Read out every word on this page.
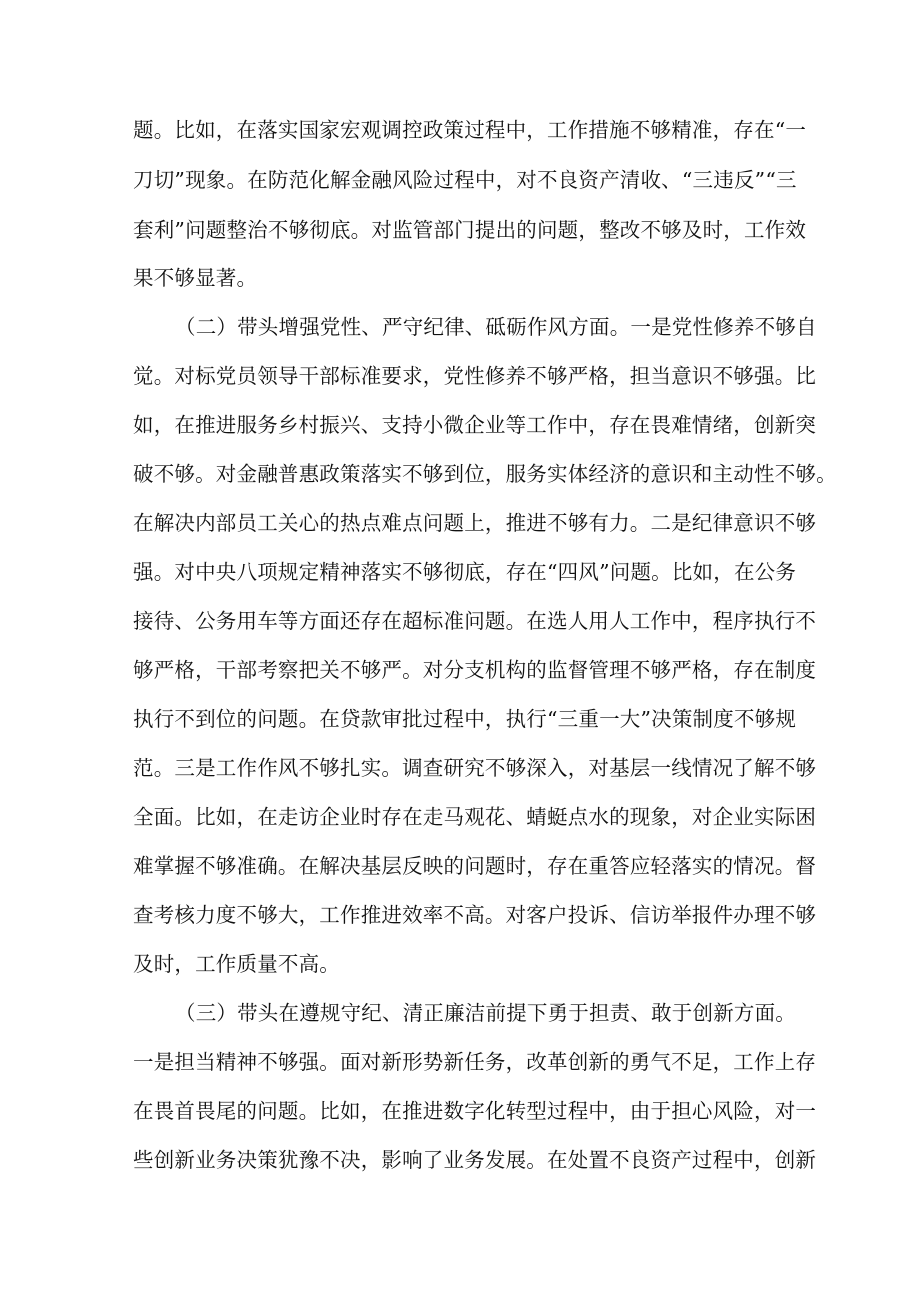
题。比如，在落实国家宏观调控政策过程中，工作措施不够精准，存在“一
刀切”现象。在防范化解金融风险过程中，对不良资产清收、“三违反”“三
套利”问题整治不够彻底。对监管部门提出的问题，整改不够及时，工作效
果不够显著。
（二）带头增强党性、严守纪律、砥砺作风方面。一是党性修养不够自
觉。对标党员领导干部标准要求，党性修养不够严格，担当意识不够强。比
如，在推进服务乡村振兴、支持小微企业等工作中，存在畏难情绪，创新突
破不够。对金融普惠政策落实不够到位，服务实体经济的意识和主动性不够。
在解决内部员工关心的热点难点问题上，推进不够有力。二是纪律意识不够
强。对中央八项规定精神落实不够彻底，存在“四风”问题。比如，在公务
接待、公务用车等方面还存在超标准问题。在选人用人工作中，程序执行不
够严格，干部考察把关不够严。对分支机构的监督管理不够严格，存在制度
执行不到位的问题。在贷款审批过程中，执行“三重一大”决策制度不够规
范。三是工作作风不够扎实。调查研究不够深入，对基层一线情况了解不够
全面。比如，在走访企业时存在走马观花、蜻蜓点水的现象，对企业实际困
难掌握不够准确。在解决基层反映的问题时，存在重答应轻落实的情况。督
查考核力度不够大，工作推进效率不高。对客户投诉、信访举报件办理不够
及时，工作质量不高。
（三）带头在遵规守纪、清正廉洁前提下勇于担责、敢于创新方面。
一是担当精神不够强。面对新形势新任务，改革创新的勇气不足，工作上存
在畏首畏尾的问题。比如，在推进数字化转型过程中，由于担心风险，对一
些创新业务决策犹豫不决，影响了业务发展。在处置不良资产过程中，创新
